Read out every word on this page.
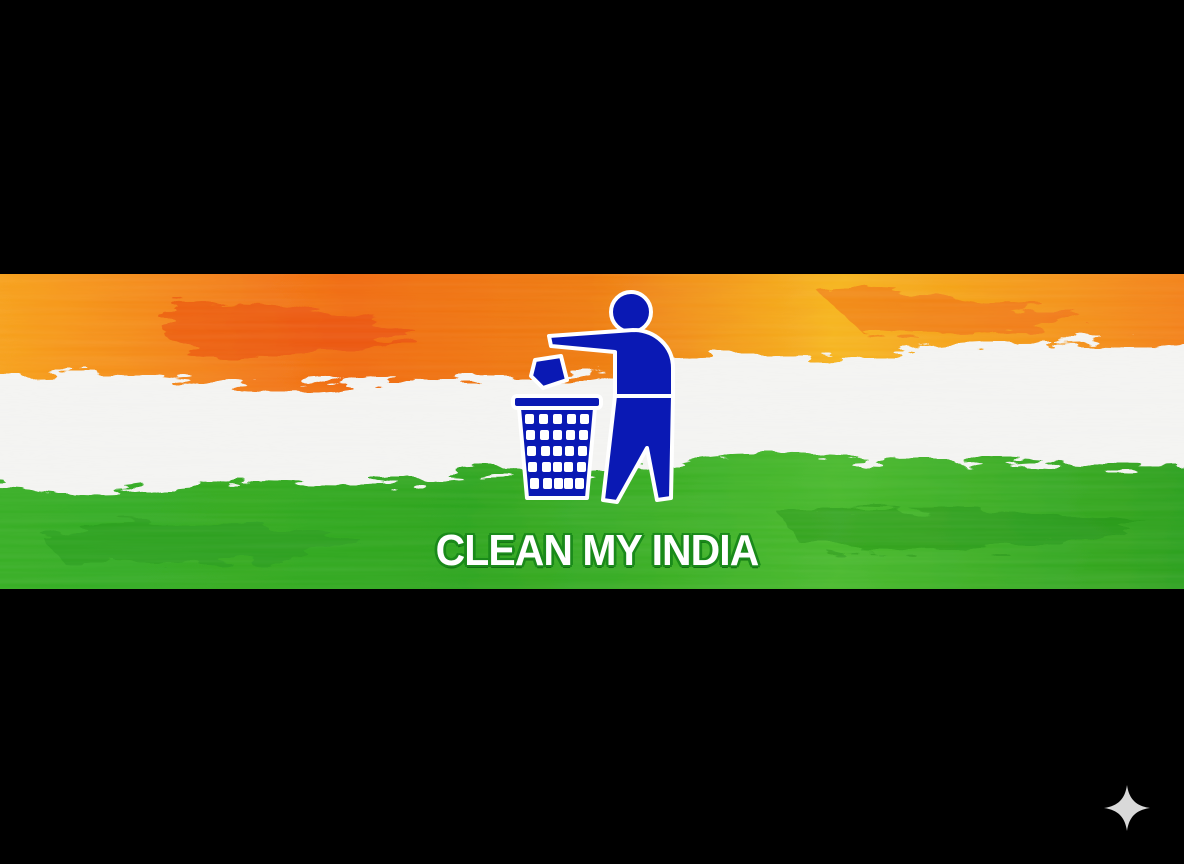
CLEAN MY INDIA
